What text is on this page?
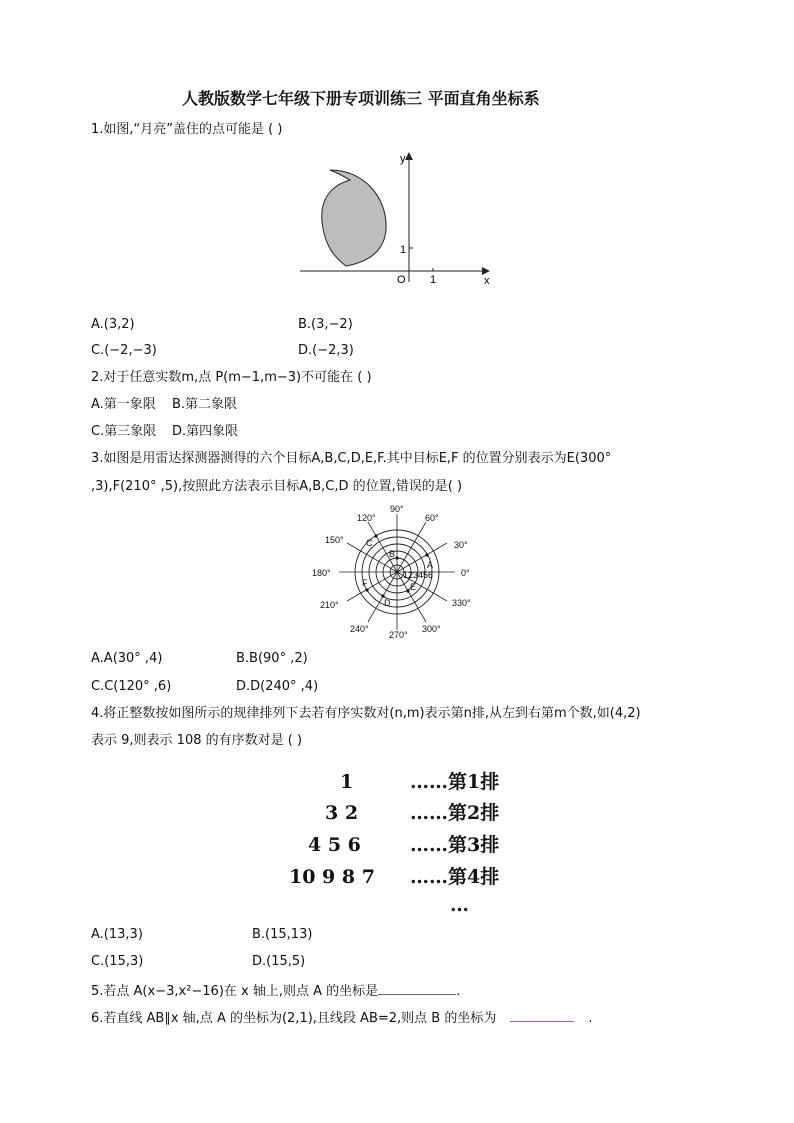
人教版数学七年级下册专项训练三 平面直角坐标系
1.如图,“月亮”盖住的点可能是 ( )
y
x
O 1
1
A.(3,2)	B.(3,−2)
C.(−2,−3)	D.(−2,3)
2.对于任意实数m,点 P(m−1,m−3)不可能在 ( )
A.第一象限 B.第二象限
C.第三象限 D.第四象限
3.如图是用雷达探测器测得的六个目标A,B,C,D,E,F.其中目标E,F 的位置分别表示为E(300°
,3),F(210° ,5),按照此方法表示目标A,B,C,D 的位置,错误的是( )
90°
60°
30°
0°
330°
300°
270°
240°
210°
180°
150°
120°
123456
A
B
C
D
E
F
A.A(30° ,4)	B.B(90° ,2)
C.C(120° ,6)	D.D(240° ,4)
4.将正整数按如图所示的规律排列下去若有序实数对(n,m)表示第n排,从左到右第m个数,如(4,2)
表示 9,则表示 108 的有序数对是 ( )
1	……第1排
3 2	……第2排
4 5 6	……第3排
10 9 8 7 ……第4排
…
A.(13,3)	B.(15,13)
C.(15,3)	D.(15,5)
5.若点 A(x−3,x²−16)在 x 轴上,则点 A 的坐标是	.
6.若直线 AB∥x 轴,点 A 的坐标为(2,1),且线段 AB=2,则点 B 的坐标为	.
